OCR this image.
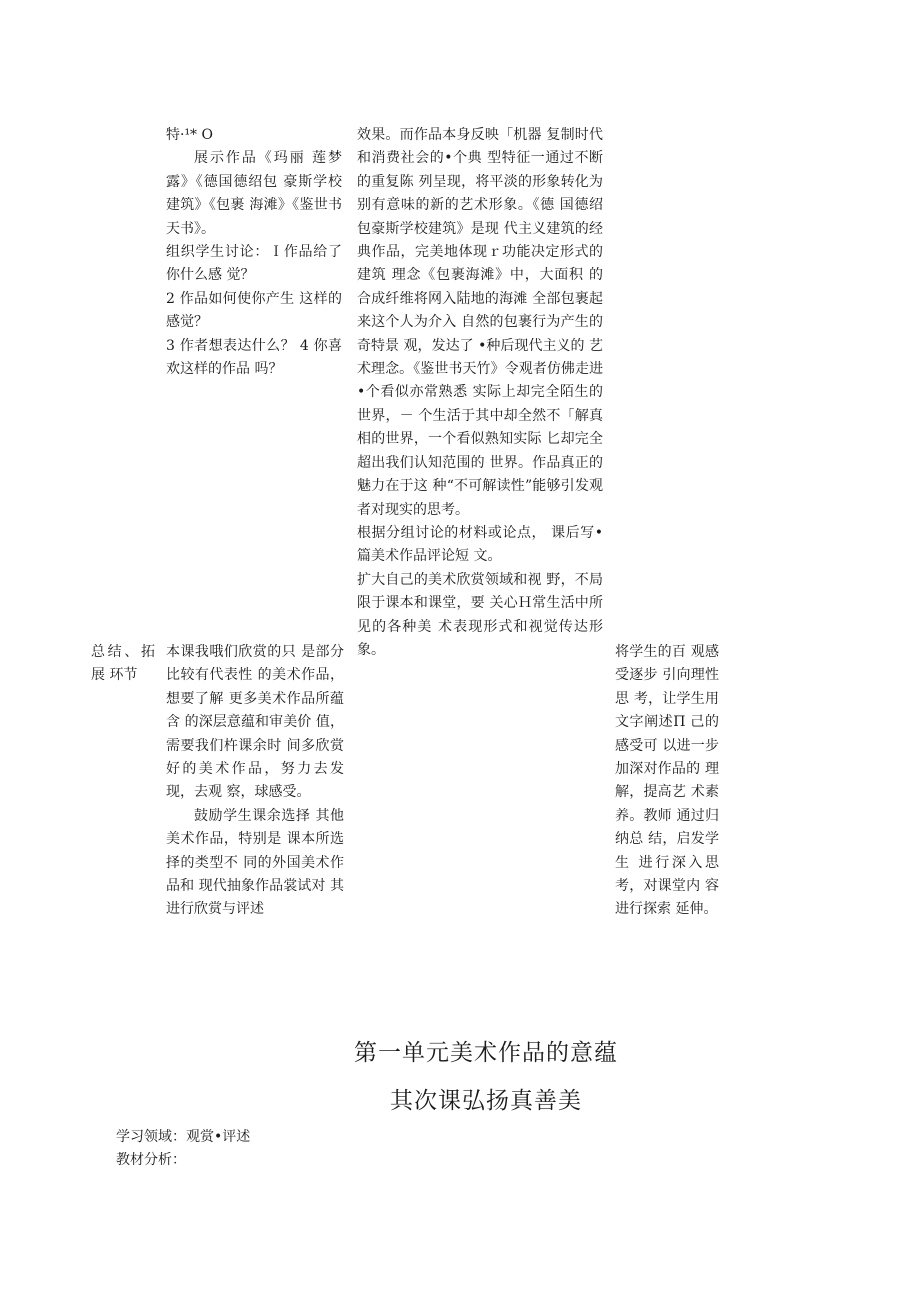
特·¹* O

展示作品《玛丽 莲梦露》《德国德绍包 豪斯学校建筑》《包裹 海滩》《鉴世书天书》。

组织学生讨论：Ｉ作品给了你什么感 觉？

2 作品如何使你产生 这样的感觉？

3 作者想表达什么？ 4 你喜欢这样的作品 吗？

效果。而作品本身反映「机器 复制时代和消费社会的•个典 型特征一通过不断的重复陈 列呈现，将平淡的形象转化为 别有意味的新的艺术形象。《德 国德绍包豪斯学校建筑》是现 代主义建筑的经典作品，完美地体现ｒ功能决定形式的建筑 理念《包裹海滩》中，大面积 的合成纤维将网入陆地的海滩 全部包裹起来这个人为介入 自然的包裹行为产生的奇特景 观，发达了 •种后现代主义的 艺术理念。《鉴世书天竹》令观者仿佛走进•个看似亦常熟悉 实际上却完全陌生的世界，－ 个生活于其中却全然不「解真 相的世界，一个看似熟知实际 匕却完全超出我们认知范围的 世界。作品真正的魅力在于这 种“不可解读性”能够引发观 者对现实的思考。

根据分组讨论的材料或论点， 课后写•篇美术作品评论短 文。

扩大自己的美术欣赏领域和视 野，不局限于课本和课堂，要 关心Ｈ常生活中所见的各种美 术表现形式和视觉传达形象。

总结、拓 展 环节

本课我哦们欣赏的只 是部分比较有代表性 的美术作品，想要了解 更多美术作品所蕴含 的深层意蕴和审美价 值，需要我们杵课余时 间多欣赏好的美术作品，努力去发现，去观 察，球感受。

鼓励学生课余选择 其他美术作品，特别是 课本所选择的类型不 同的外国美术作品和 现代抽象作品裳试对 其进行欣赏与评述

将学生的百 观感受逐步 引向理性思 考，让学生用 文字阐述Π 己的感受可 以进一步加深对作品的 理解，提高艺 术素养。教师 通过归纳总 结，启发学生 进行深入思 考，对课堂内 容进行探索 延伸。

第一单元美术作品的意蕴
其次课弘扬真善美

学习领域：观赏•评述

教材分析：
